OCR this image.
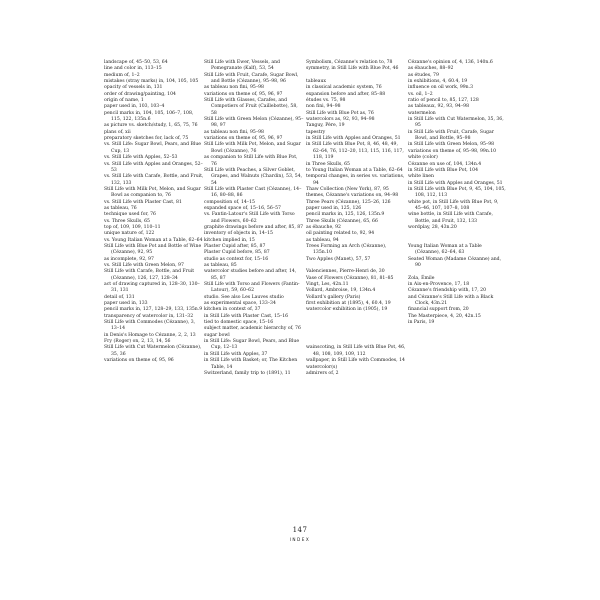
landscape of, 45–50, 53, 64
line and color in, 113–15
medium of, 1–2
mistakes (stray marks) in, 104, 105, 105
opacity of vessels in, 131
order of drawing/painting, 104
origin of name, 1
paper used in, 103, 103–4
pencil marks in, 104, 105, 106–7, 108, 115, 122, 135n.6
as picture vs. sketch/study, 1, 65, 75, 76
plans of, xii
preparatory sketches for, lack of, 75
vs. Still Life: Sugar Bowl, Pears, and Blue Cup, 13
vs. Still Life with Apples, 52–53
vs. Still Life with Apples and Oranges, 52–53
vs. Still Life with Carafe, Bottle, and Fruit, 132, 133
Still Life with Milk Pot, Melon, and Sugar Bowl as companion to, 76
vs. Still Life with Plaster Cast, 81
as tableau, 76
technique used for, 76
vs. Three Skulls, 65
top of, 109, 109, 110–11
unique nature of, 122
vs. Young Italian Woman at a Table, 62–64
Still Life with Blue Pot and Bottle of Wine (Cézanne), 92, 95
as incomplete, 92, 97
vs. Still Life with Green Melon, 97
Still Life with Carafe, Bottle, and Fruit (Cézanne), 126, 127, 128–34
act of drawing captured in, 128–30, 130–31, 131
detail of, 131
paper used in, 133
pencil marks in, 127, 128–29, 133, 135n.9
transparency of watercolor in, 131–32
Still Life with Commodes (Cézanne), 3, 13–14
in Denis's Homage to Cézanne, 2, 2, 13
Fry (Roger) on, 2, 13, 14, 56
Still Life with Cut Watermelon (Cézanne), 35, 36
variations on theme of, 95, 96
Still Life with Ewer, Vessels, and Pomegranate (Kalf), 53, 54
Still Life with Fruit, Carafe, Sugar Bowl, and Bottle (Cézanne), 95–98, 96
as tableau non fini, 95–98
variations on theme of, 95, 96, 97
Still Life with Glasses, Carafes, and Compotiers of Fruit (Caillebotte), 58, 58
Still Life with Green Melon (Cézanne), 95–98, 97
as tableau non fini, 95–98
variations on theme of, 95, 96, 97
Still Life with Milk Pot, Melon, and Sugar Bowl (Cézanne), 76
as companion to Still Life with Blue Pot, 76
Still Life with Peaches, a Silver Goblet, Grapes, and Walnuts (Chardin), 53, 54, 54
Still Life with Plaster Cast (Cézanne), 14–16, 80–88, 86
composition of, 14–15
expanded space of, 15–16, 56–57
vs. Fantin-Latour's Still Life with Torso and Flowers, 60–62
graphite drawings before and after, 85, 87
inventory of objects in, 14–15
kitchen implied in, 15
Plaster Cupid after, 85, 87
Plaster Cupid before, 85, 87
studio as context for, 15–16
as tableau, 85
watercolor studies before and after, 14, 85, 87
Still Life with Torso and Flowers (Fantin-Latour), 59, 60–62
studio. See also Les Lauves studio
as experimental space, 133–34
kitchen in context of, 37
in Still Life with Plaster Cast, 15–16
tied to domestic space, 15–16
subject matter, academic hierarchy of, 76
sugar bowl
in Still Life: Sugar Bowl, Pears, and Blue Cup, 12–13
in Still Life with Apples, 37
in Still Life with Basket; or, The Kitchen Table, 14
Switzerland, family trip to (1891), 11
Symbolism, Cézanne's relation to, 78
symmetry, in Still Life with Blue Pot, 46
tableaux
in classical academic system, 76
expansion before and after, 85–88
études vs. 75, 98
non fini, 94–98
Still Life with Blue Pot as, 76
watercolors as, 92, 93, 94–98
Tanguy, Père, 19
tapestry
in Still Life with Apples and Oranges, 51
in Still Life with Blue Pot, 8, 46, 48, 49, 62–64, 76, 112–20, 113, 115, 116, 117, 118, 119
in Three Skulls, 65
to Young Italian Woman at a Table, 62–64
temporal changes, in series vs. variations, 94
Thaw Collection (New York), 87, 95
themes, Cézanne's variations on, 94–98
Three Pears (Cézanne), 125–26, 126
paper used in, 125, 126
pencil marks in, 125, 126, 135n.9
Three Skulls (Cézanne), 65, 66
as ébauche, 92
oil painting related to, 92, 94
as tableau, 94
Trees Forming an Arch (Cézanne), 135n.10
Two Apples (Manet), 57, 57
Valenciennes, Pierre-Henri de, 30
Vase of Flowers (Cézanne), 81, 81–85
Vingt, Les, 42n.11
Vollard, Ambroise, 19, 134n.4
Vollard's gallery (Paris)
first exhibition at (1895), 4, 60.4, 19
watercolor exhibition in (1905), 19
wainscoting, in Still Life with Blue Pot, 46, 48, 108, 109, 109, 112
wallpaper, in Still Life with Commodes, 14
watercolor(s)
admirers of, 2
Cézanne's opinion of, 4, 136, 140n.6
as ébauches, 88–92
as études, 79
in exhibitions, 4, 60.4, 19
influence on oil work, 99n.3
vs. oil, 1–2
ratio of pencil to, 85, 127, 128
as tableaux, 92, 93, 94–98
watermelon
in Still Life with Cut Watermelon, 35, 36, 95
in Still Life with Fruit, Carafe, Sugar Bowl, and Bottle, 95–98
in Still Life with Green Melon, 95–98
variations on theme of, 95–98, 99n.10
white (color)
Cézanne on use of, 104, 134n.4
in Still Life with Blue Pot, 104
white linen
in Still Life with Apples and Oranges, 51
in Still Life with Blue Pot, 9, 45, 104, 105, 108, 112, 113
white pot, in Still Life with Blue Pot, 9, 45–46, 107, 107–8, 108
wine bottle, in Still Life with Carafe, Bottle, and Fruit, 132, 133
wordplay, 28, 43n.20
Young Italian Woman at a Table (Cézanne), 62–64, 63
Seated Woman (Madame Cézanne) and, 90
Zola, Émile
in Aix-en-Provence, 17, 18
Cézanne's friendship with, 17, 20
and Cézanne's Still Life with a Black Clock, 43n.21
financial support from, 20
The Masterpiece, 4, 20, 42n.15
in Paris, 19
147
INDEX
